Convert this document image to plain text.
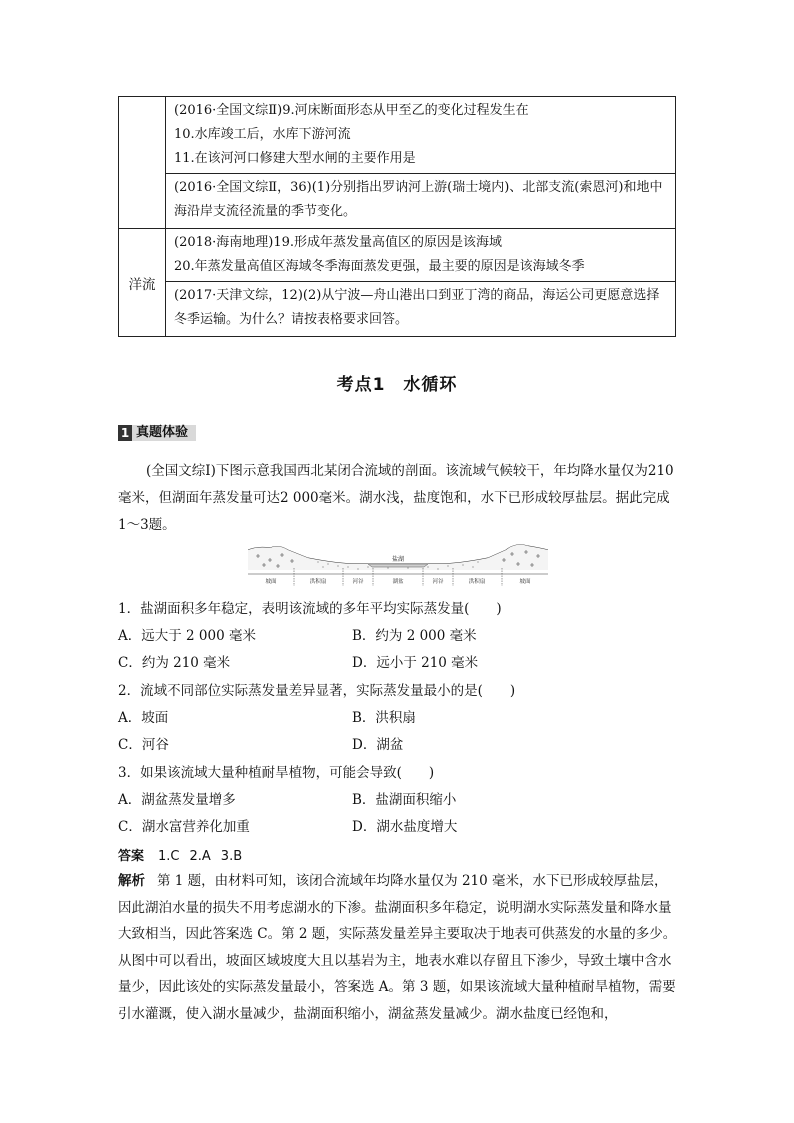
	(2016·全国文综Ⅱ)9.河床断面形态从甲至乙的变化过程发生在
10.水库竣工后，水库下游河流
11.在该河河口修建大型水闸的主要作用是

	(2016·全国文综Ⅱ，36)(1)分别指出罗讷河上游(瑞士境内)、北部支流(索恩河)和地中海沿岸支流径流量的季节变化。
洋流	(2018·海南地理)19.形成年蒸发量高值区的原因是该海域
20.年蒸发量高值区海域冬季海面蒸发更强，最主要的原因是该海域冬季

	(2017·天津文综，12)(2)从宁波—舟山港出口到亚丁湾的商品，海运公司更愿意选择冬季运输。为什么？请按表格要求回答。
考点1　水循环
1 真题体验
(全国文综Ⅰ)下图示意我国西北某闭合流域的剖面。该流域气候较干，年均降水量仅为210毫米，但湖面年蒸发量可达2 000毫米。湖水浅，盐度饱和，水下已形成较厚盐层。据此完成1～3题。
盐湖
坡面	洪积扇	河谷	湖盆	河谷	洪积扇	坡面
1．盐湖面积多年稳定，表明该流域的多年平均实际蒸发量(　　)
A．远大于 2 000 毫米	B．约为 2 000 毫米
C．约为 210 毫米	D．远小于 210 毫米
2．流域不同部位实际蒸发量差异显著，实际蒸发量最小的是(　　)
A．坡面	B．洪积扇
C．河谷	D．湖盆
3．如果该流域大量种植耐旱植物，可能会导致(　　)
A．湖盆蒸发量增多	B．盐湖面积缩小
C．湖水富营养化加重	D．湖水盐度增大
答案 1.C 2.A 3.B
解析 第 1 题，由材料可知，该闭合流域年均降水量仅为 210 毫米，水下已形成较厚盐层，因此湖泊水量的损失不用考虑湖水的下渗。盐湖面积多年稳定，说明湖水实际蒸发量和降水量大致相当，因此答案选 C。第 2 题，实际蒸发量差异主要取决于地表可供蒸发的水量的多少。从图中可以看出，坡面区域坡度大且以基岩为主，地表水难以存留且下渗少，导致土壤中含水量少，因此该处的实际蒸发量最小，答案选 A。第 3 题，如果该流域大量种植耐旱植物，需要引水灌溉，使入湖水量减少，盐湖面积缩小，湖盆蒸发量减少。湖水盐度已经饱和，
